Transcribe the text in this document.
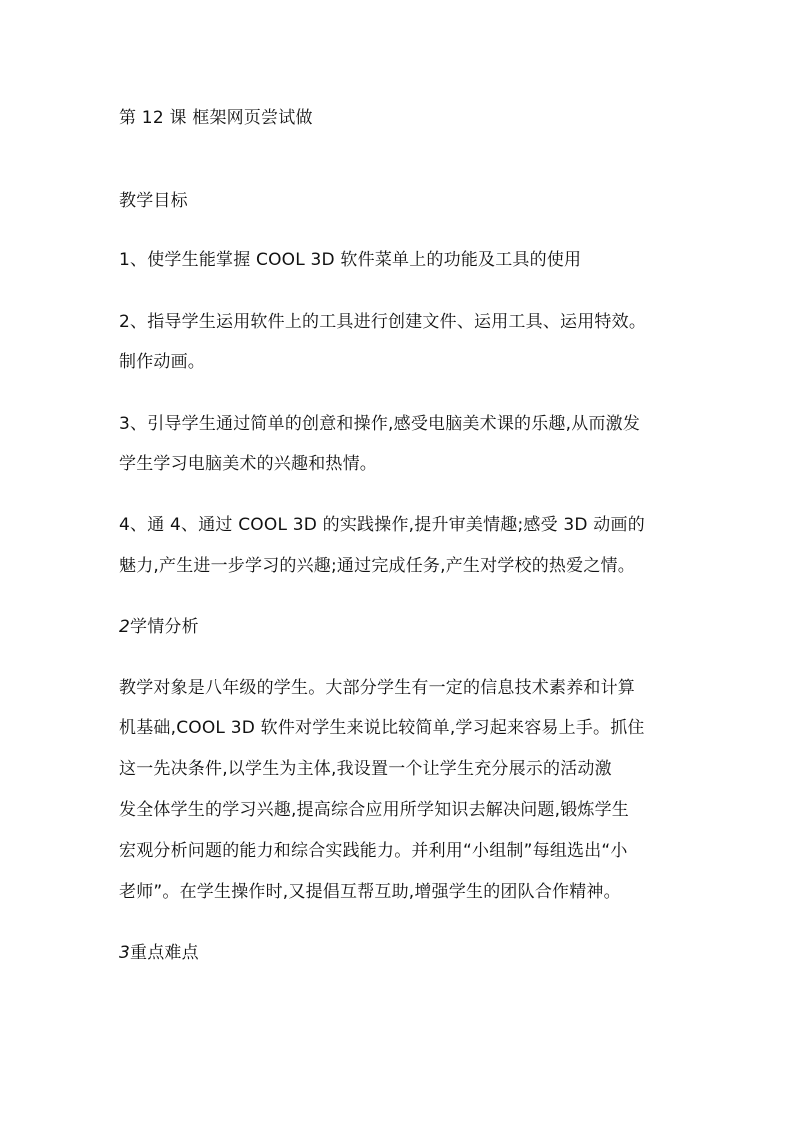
第 12 课 框架网页尝试做
教学目标
1、使学生能掌握 COOL 3D 软件菜单上的功能及工具的使用
2、指导学生运用软件上的工具进行创建文件、运用工具、运用特效。
制作动画。
3、引导学生通过简单的创意和操作,感受电脑美术课的乐趣,从而激发
学生学习电脑美术的兴趣和热情。
4、通 4、通过 COOL 3D 的实践操作,提升审美情趣;感受 3D 动画的
魅力,产生进一步学习的兴趣;通过完成任务,产生对学校的热爱之情。
2学情分析
教学对象是八年级的学生。大部分学生有一定的信息技术素养和计算
机基础,COOL 3D 软件对学生来说比较简单,学习起来容易上手。抓住
这一先决条件,以学生为主体,我设置一个让学生充分展示的活动激
发全体学生的学习兴趣,提高综合应用所学知识去解决问题,锻炼学生
宏观分析问题的能力和综合实践能力。并利用“小组制”每组选出“小
老师”。在学生操作时,又提倡互帮互助,增强学生的团队合作精神。
3重点难点
